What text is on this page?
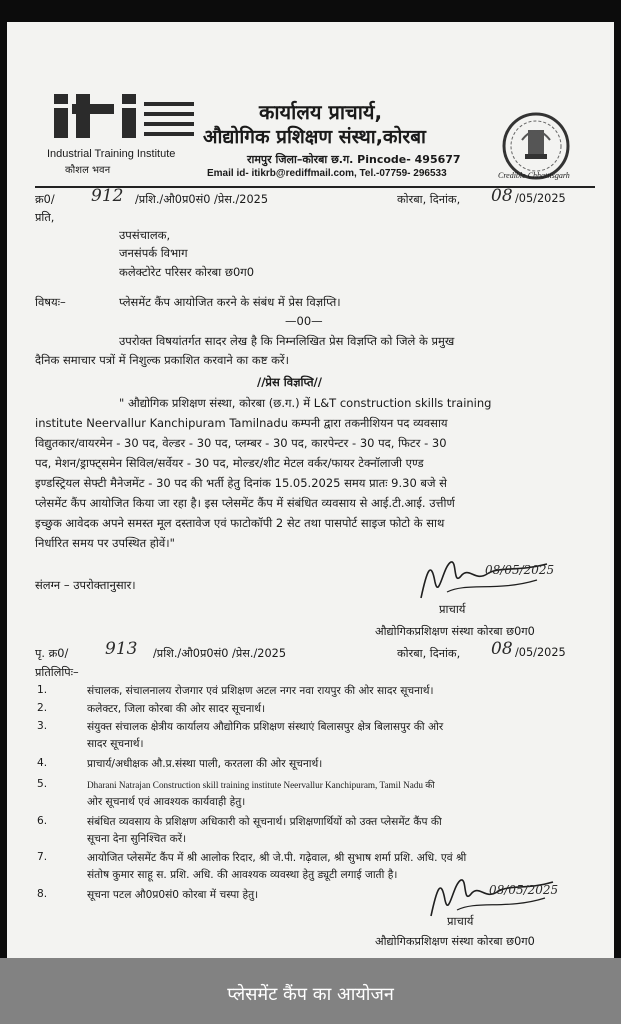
Industrial Training Institute
कौशल भवन
कार्यालय प्राचार्य,
औद्योगिक प्रशिक्षण संस्था,कोरबा
रामपुर जिला–कोरबा छ.ग. Pincode- 495677
Email id- itikrb@rediffmail.com, Tel.-07759- 296533	Credible Chhattisgarh
क्र0/ 912 /प्रशि./औ0प्र0सं0 /प्रेस./2025	कोरबा, दिनांक, 08 /05/2025
प्रति,
उपसंचालक,
जनसंपर्क विभाग
कलेक्टोरेट परिसर कोरबा छ0ग0
विषयः–	प्लेसमेंट कैंप आयोजित करने के संबंध में प्रेस विज्ञप्ति।
—00—
उपरोक्त विषयांतर्गत सादर लेख है कि निम्नलिखित प्रेस विज्ञप्ति को जिले के प्रमुख
दैनिक समाचार पत्रों में निशुल्क प्रकाशित करवाने का कष्ट करें।
//प्रेस विज्ञप्ति//
" औद्योगिक प्रशिक्षण संस्था, कोरबा (छ.ग.) में L&T construction skills training
institute Neervallur Kanchipuram Tamilnadu कम्पनी द्वारा तकनीशियन पद व्यवसाय
विद्युतकार/वायरमेन - 30 पद, वेल्डर - 30 पद, प्लम्बर - 30 पद, कारपेन्टर - 30 पद, फिटर - 30
पद, मेशन/ड्राफ्ट्समेन सिविल/सर्वेयर - 30 पद, मोल्डर/शीट मेटल वर्कर/फायर टेक्नॉलाजी एण्ड
इण्डस्ट्रियल सेफ्टी मैनेजमेंट - 30 पद की भर्ती हेतु दिनांक 15.05.2025 समय प्रातः 9.30 बजे से
प्लेसमेंट कैंप आयोजित किया जा रहा है। इस प्लेसमेंट कैंप में संबंधित व्यवसाय से आई.टी.आई. उत्तीर्ण
इच्छुक आवेदक अपने समस्त मूल दस्तावेज एवं फाटोकॉपी 2 सेट तथा पासपोर्ट साइज फोटो के साथ
निर्धारित समय पर उपस्थित होवें।"
संलग्न – उपरोक्तानुसार।
08/05/2025
प्राचार्य
औद्योगिकप्रशिक्षण संस्था कोरबा छ0ग0
पृ. क्र0/ 913 /प्रशि./औ0प्र0सं0 /प्रेस./2025	कोरबा, दिनांक, 08 /05/2025
प्रतिलिपिः–
1.	संचालक, संचालनालय रोजगार एवं प्रशिक्षण अटल नगर नवा रायपुर की ओर सादर सूचनार्थ।
2.	कलेक्टर, जिला कोरबा की ओर सादर सूचनार्थ।
3.	संयुक्त संचालक क्षेत्रीय कार्यालय औद्योगिक प्रशिक्षण संस्थाएं बिलासपुर क्षेत्र बिलासपुर की ओर
सादर सूचनार्थ।
4.	प्राचार्य/अधीक्षक औ.प्र.संस्था पाली, करतला की ओर सूचनार्थ।
5.	Dharani Natrajan Construction skill training institute Neervallur Kanchipuram, Tamil Nadu की
ओर सूचनार्थ एवं आवश्यक कार्यवाही हेतु।
6.	संबंधित व्यवसाय के प्रशिक्षण अधिकारी को सूचनार्थ। प्रशिक्षणार्थियों को उक्त प्लेसमेंट कैंप की
सूचना देना सुनिश्चित करें।
7.	आयोजित प्लेसमेंट कैंप में श्री आलोक रिदार, श्री जे.पी. गढ़ेवाल, श्री सुभाष शर्मा प्रशि. अधि. एवं श्री
संतोष कुमार साहू स. प्रशि. अधि. की आवश्यक व्यवस्था हेतु ड्यूटी लगाई जाती है।
8.	सूचना पटल औ0प्र0सं0 कोरबा में चस्पा हेतु।	08/05/2025
प्राचार्य
औद्योगिकप्रशिक्षण संस्था कोरबा छ0ग0
प्लेसमेंट कैंप का आयोजन
